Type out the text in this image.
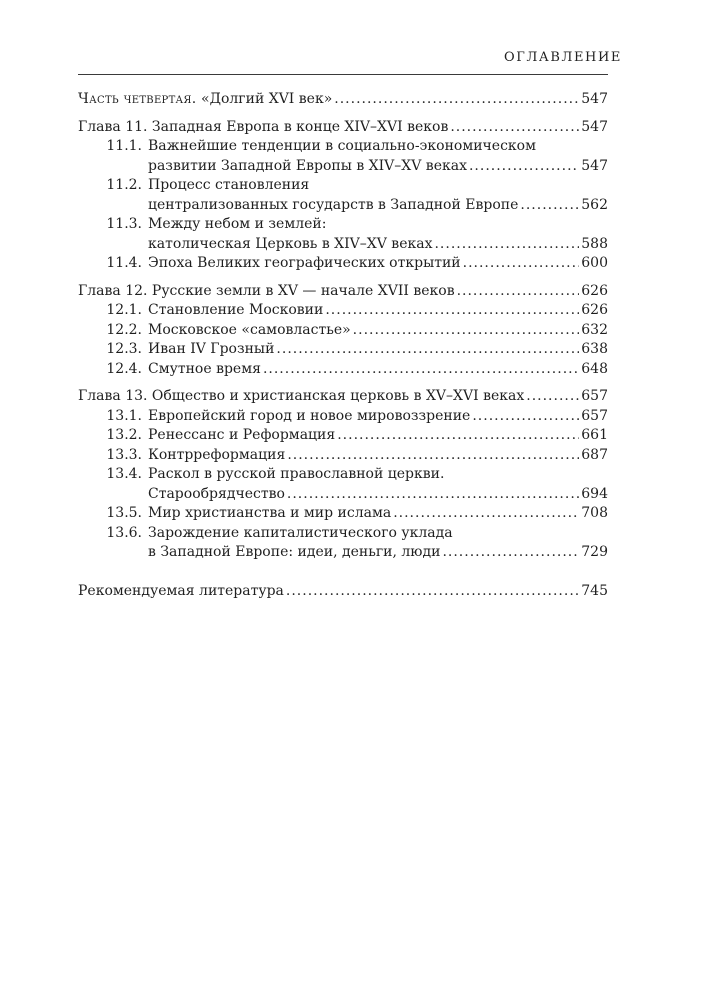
ОГЛАВЛЕНИЕ
Часть четвертая. «Долгий XVI век» .....	547
Глава 11. Западная Европа в конце XIV–XVI веков .....	547
11.1. Важнейшие тенденции в социально-экономическом
развитии Западной Европы в XIV–XV веках .....	547
11.2. Процесс становления
централизованных государств в Западной Европе .....	562
11.3. Между небом и землей:
католическая Церковь в XIV–XV веках .....	588
11.4. Эпоха Великих географических открытий .....	600
Глава 12. Русские земли в XV — начале XVII веков .....	626
12.1. Становление Московии .....	626
12.2. Московское «самовластье» .....	632
12.3. Иван IV Грозный .....	638
12.4. Смутное время .....	648
Глава 13. Общество и христианская церковь в XV–XVI веках .....	657
13.1. Европейский город и новое мировоззрение .....	657
13.2. Ренессанс и Реформация .....	661
13.3. Контрреформация .....	687
13.4. Раскол в русской православной церкви.
Старообрядчество .....	694
13.5. Мир христианства и мир ислама .....	708
13.6. Зарождение капиталистического уклада
в Западной Европе: идеи, деньги, люди .....	729
Рекомендуемая литература .....	745
